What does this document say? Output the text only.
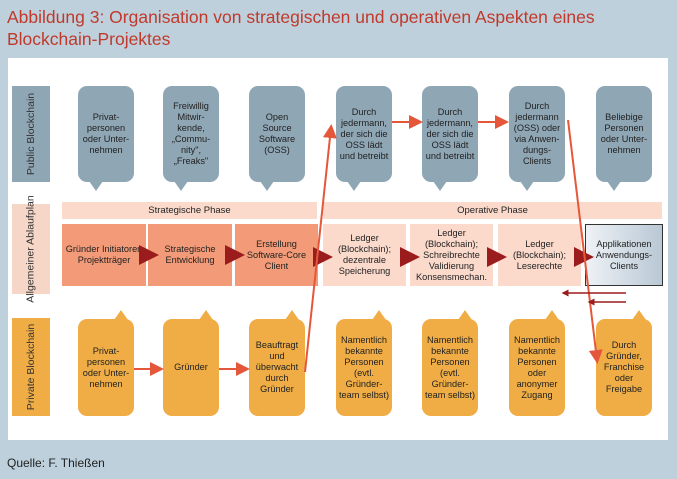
Abbildung 3: Organisation von strategischen und operativen Aspekten eines Blockchain-Projektes
Public Blockchain
Allgemeiner Ablaufplan
Private Blockchain
Privat-personen oder Unter-nehmen
Freiwillig Mitwir-kende, „Commu-nity", „Freaks"
Open Source Software (OSS)
Durch jedermann, der sich die OSS lädt und betreibt
Durch jedermann, der sich die OSS lädt und betreibt
Durch jedermann (OSS) oder via Anwen-dungs-Clients
Beliebige Personen oder Unter-nehmen
Strategische Phase	Operative Phase
Gründer Initiatoren Projektträger
Strategische Entwicklung
Erstellung Software-Core Client
Ledger (Blockchain); dezentrale Speicherung
Ledger (Blockchain); Schreibrechte Validierung Konsensmechan.
Ledger (Blockchain); Leserechte
Applikationen Anwendungs-Clients
Privat-personen oder Unter-nehmen
Gründer
Beauftragt und überwacht durch Gründer
Namentlich bekannte Personen (evtl. Gründer-team selbst)
Namentlich bekannte Personen (evtl. Gründer-team selbst)
Namentlich bekannte Personen oder anonymer Zugang
Durch Gründer, Franchise oder Freigabe
Quelle: F. Thießen
